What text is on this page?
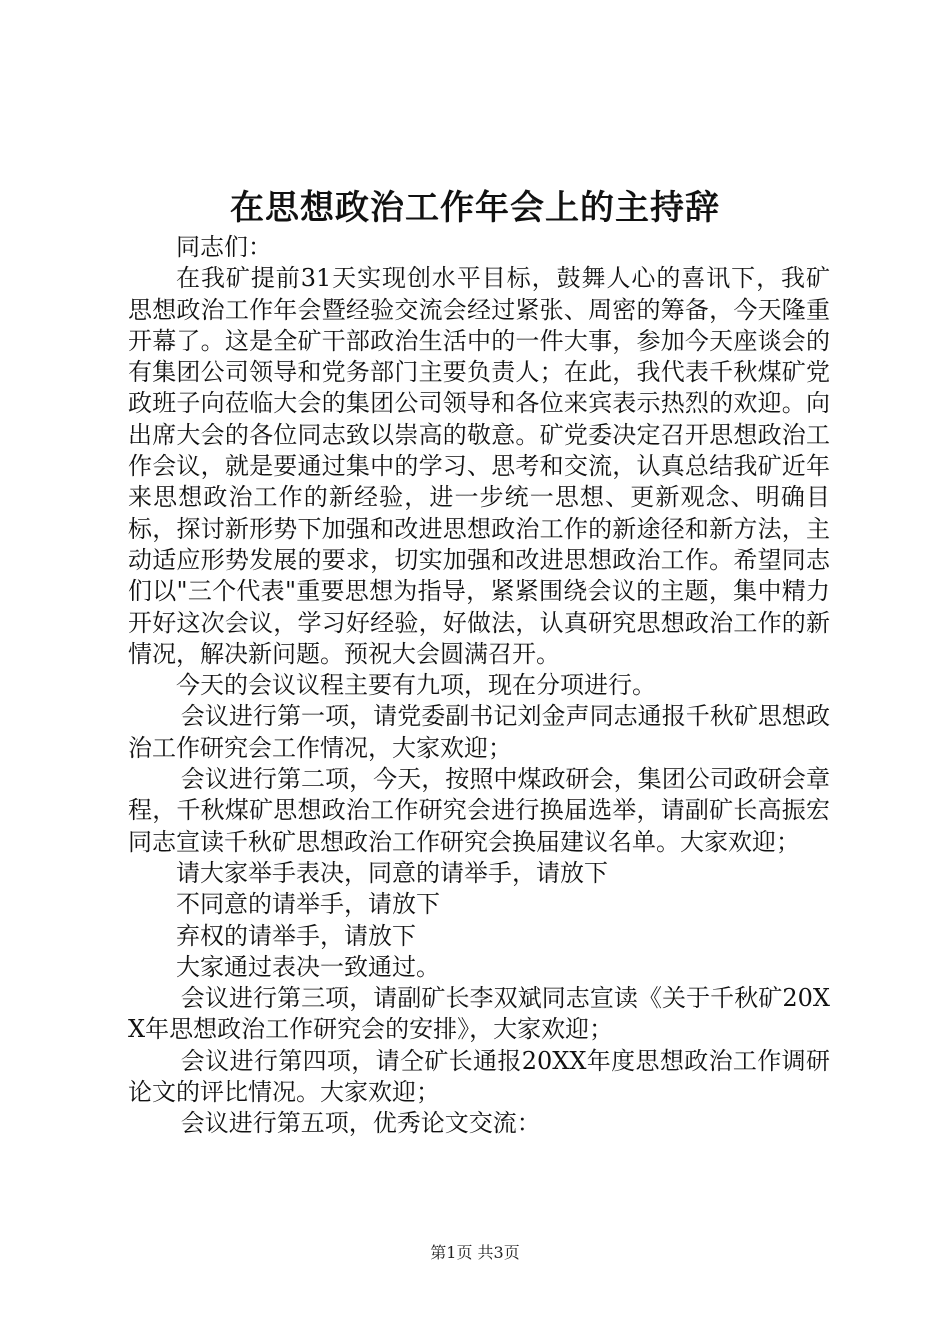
在思想政治工作年会上的主持辞

同志们：

在我矿提前31天实现创水平目标，鼓舞人心的喜讯下，我矿思想政治工作年会暨经验交流会经过紧张、周密的筹备，今天隆重开幕了。这是全矿干部政治生活中的一件大事，参加今天座谈会的有集团公司领导和党务部门主要负责人；在此，我代表千秋煤矿党政班子向莅临大会的集团公司领导和各位来宾表示热烈的欢迎。向出席大会的各位同志致以崇高的敬意。矿党委决定召开思想政治工作会议，就是要通过集中的学习、思考和交流，认真总结我矿近年来思想政治工作的新经验，进一步统一思想、更新观念、明确目标，探讨新形势下加强和改进思想政治工作的新途径和新方法，主动适应形势发展的要求，切实加强和改进思想政治工作。希望同志们以"三个代表"重要思想为指导，紧紧围绕会议的主题，集中精力开好这次会议，学习好经验，好做法，认真研究思想政治工作的新情况，解决新问题。预祝大会圆满召开。

今天的会议议程主要有九项，现在分项进行。

会议进行第一项，请党委副书记刘金声同志通报千秋矿思想政治工作研究会工作情况，大家欢迎；

会议进行第二项，今天，按照中煤政研会，集团公司政研会章程，千秋煤矿思想政治工作研究会进行换届选举，请副矿长高振宏同志宣读千秋矿思想政治工作研究会换届建议名单。大家欢迎；

请大家举手表决，同意的请举手，请放下

不同意的请举手，请放下

弃权的请举手，请放下

大家通过表决一致通过。

会议进行第三项，请副矿长李双斌同志宣读《关于千秋矿20XX年思想政治工作研究会的安排》，大家欢迎；

会议进行第四项，请仝矿长通报20XX年度思想政治工作调研论文的评比情况。大家欢迎；

会议进行第五项，优秀论文交流：

第1页 共3页
